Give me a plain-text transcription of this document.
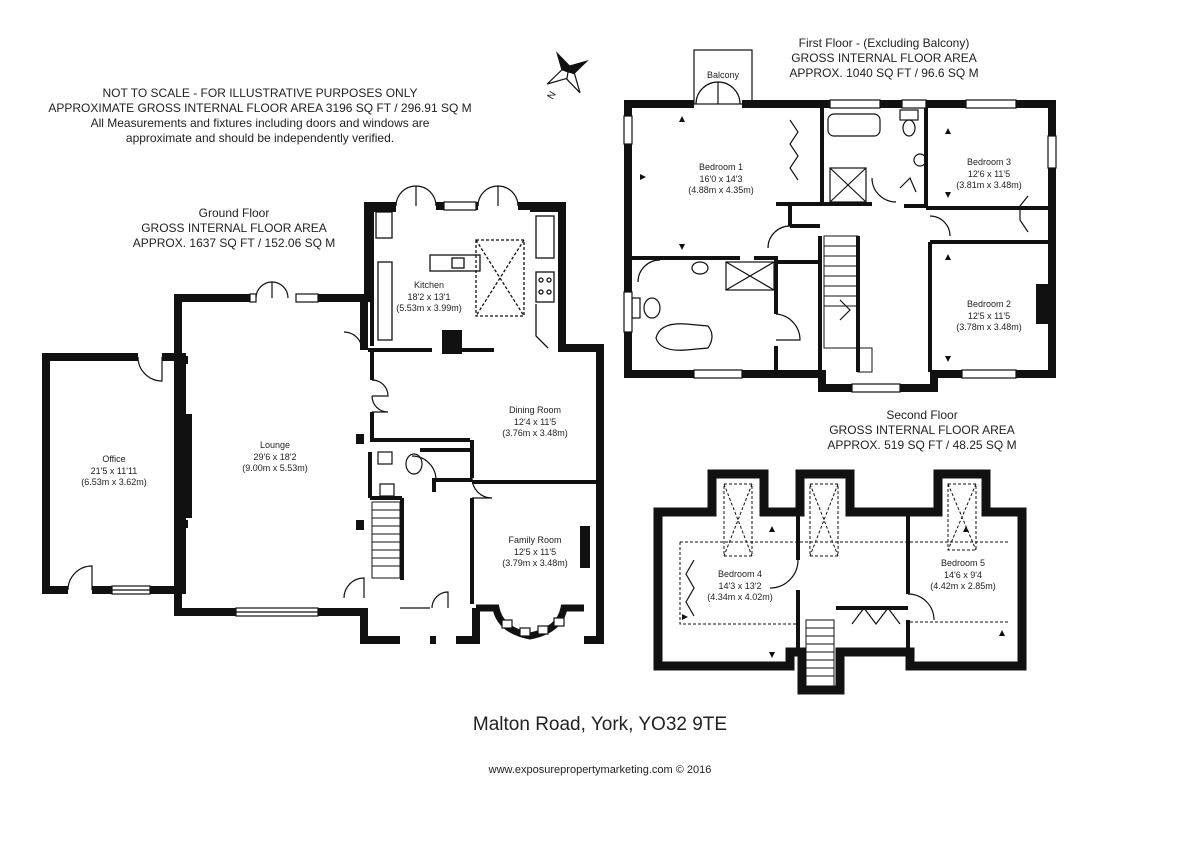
N
NOT TO SCALE - FOR ILLUSTRATIVE PURPOSES ONLY
APPROXIMATE GROSS INTERNAL FLOOR AREA 3196 SQ FT / 296.91 SQ M
All Measurements and fixtures including doors and windows are
approximate and should be independently verified.
Ground Floor
GROSS INTERNAL FLOOR AREA
APPROX. 1637 SQ FT / 152.06 SQ M
First Floor - (Excluding Balcony)
GROSS INTERNAL FLOOR AREA
APPROX. 1040 SQ FT / 96.6 SQ M
Second Floor
GROSS INTERNAL FLOOR AREA
APPROX. 519 SQ FT / 48.25 SQ M
Balcony
Office
21'5 x 11'11
(6.53m x 3.62m)
Lounge
29'6 x 18'2
(9.00m x 5.53m)
Kitchen
18'2 x 13'1
(5.53m x 3.99m)
Dining Room
12'4 x 11'5
(3.76m x 3.48m)
Family Room
12'5 x 11'5
(3.79m x 3.48m)
Bedroom 1
16'0 x 14'3
(4.88m x 4.35m)
Bedroom 3
12'6 x 11'5
(3.81m x 3.48m)
Bedroom 2
12'5 x 11'5
(3.78m x 3.48m)
Bedroom 4
14'3 x 13'2
(4.34m x 4.02m)
Bedroom 5
14'6 x 9'4
(4.42m x 2.85m)
Malton Road, York, YO32 9TE
www.exposurepropertymarketing.com © 2016
